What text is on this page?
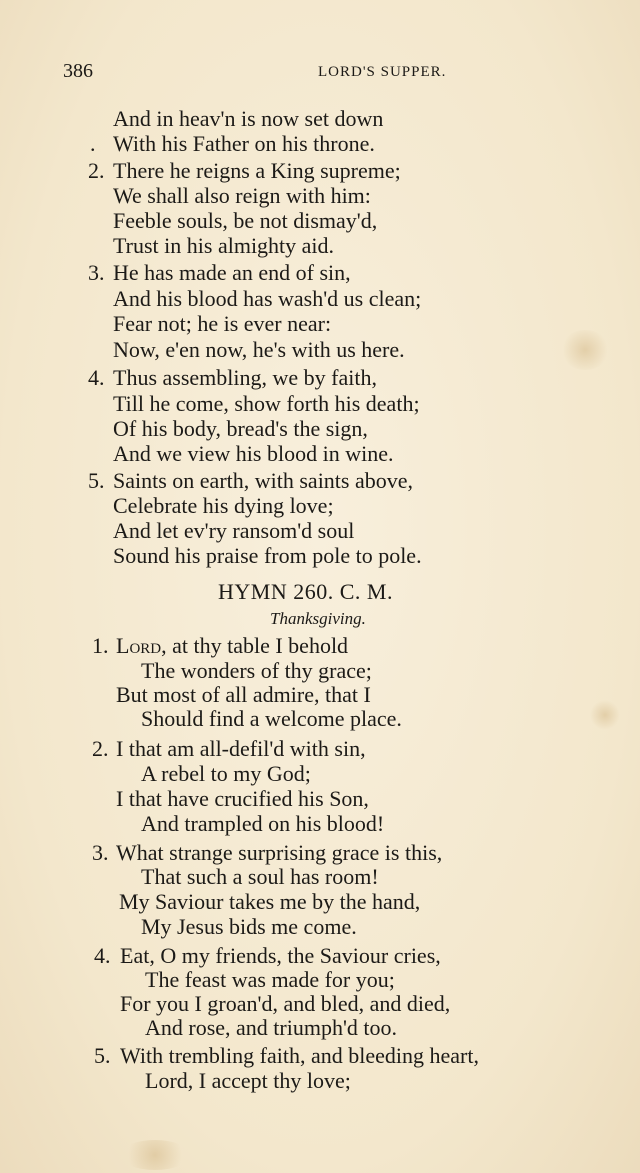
386	LORD'S SUPPER.
And in heav'n is now set down
. With his Father on his throne.
2. There he reigns a King supreme;
We shall also reign with him:
Feeble souls, be not dismay'd,
Trust in his almighty aid.
3. He has made an end of sin,
And his blood has wash'd us clean;
Fear not; he is ever near:
Now, e'en now, he's with us here.
4. Thus assembling, we by faith,
Till he come, show forth his death;
Of his body, bread's the sign,
And we view his blood in wine.
5. Saints on earth, with saints above,
Celebrate his dying love;
And let ev'ry ransom'd soul
Sound his praise from pole to pole.
HYMN 260. C. M.
Thanksgiving.
1. Lord, at thy table I behold
The wonders of thy grace;
But most of all admire, that I
Should find a welcome place.
2. I that am all-defil'd with sin,
A rebel to my God;
I that have crucified his Son,
And trampled on his blood!
3. What strange surprising grace is this,
That such a soul has room!
My Saviour takes me by the hand,
My Jesus bids me come.
4. Eat, O my friends, the Saviour cries,
The feast was made for you;
For you I groan'd, and bled, and died,
And rose, and triumph'd too.
5. With trembling faith, and bleeding heart,
Lord, I accept thy love;
